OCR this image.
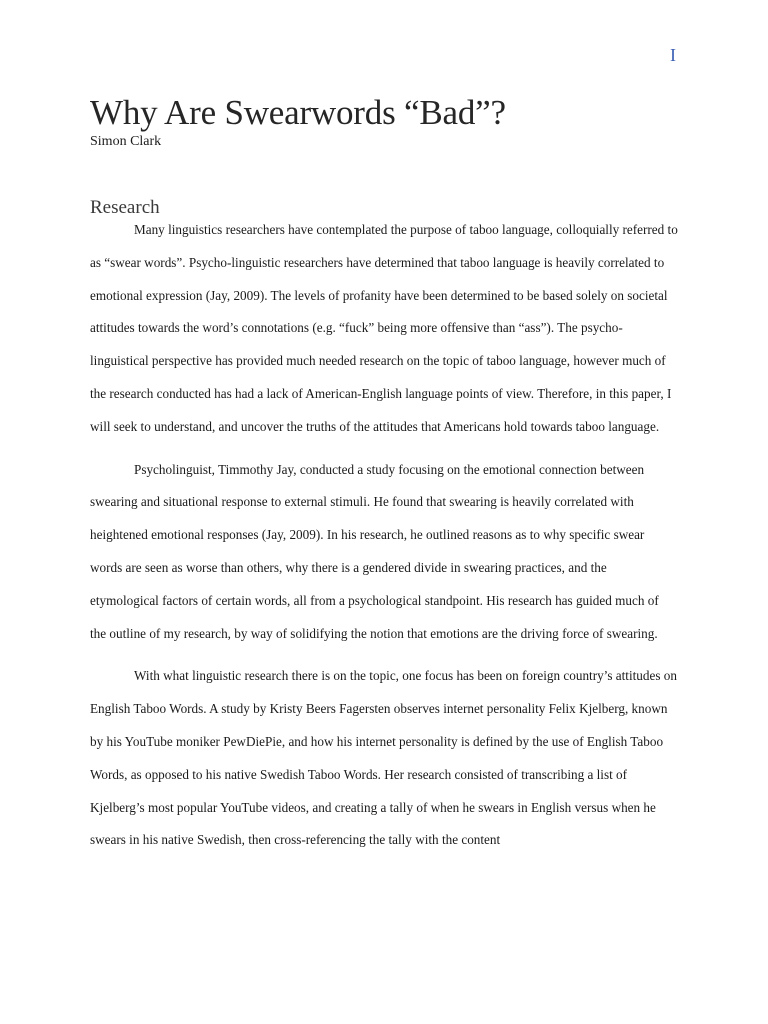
I
Why Are Swearwords “Bad”?
Simon Clark
Research

Many linguistics researchers have contemplated the purpose of taboo language, colloquially referred to as “swear words”. Psycho-linguistic researchers have determined that taboo language is heavily correlated to emotional expression (Jay, 2009). The levels of profanity have been determined to be based solely on societal attitudes towards the word’s connotations (e.g. “fuck” being more offensive than “ass”). The psycho-linguistical perspective has provided much needed research on the topic of taboo language, however much of the research conducted has had a lack of American-English language points of view. Therefore, in this paper, I will seek to understand, and uncover the truths of the attitudes that Americans hold towards taboo language.

Psycholinguist, Timmothy Jay, conducted a study focusing on the emotional connection between swearing and situational response to external stimuli. He found that swearing is heavily correlated with heightened emotional responses (Jay, 2009). In his research, he outlined reasons as to why specific swear words are seen as worse than others, why there is a gendered divide in swearing practices, and the etymological factors of certain words, all from a psychological standpoint. His research has guided much of the outline of my research, by way of solidifying the notion that emotions are the driving force of swearing.

With what linguistic research there is on the topic, one focus has been on foreign country’s attitudes on English Taboo Words. A study by Kristy Beers Fagersten observes internet personality Felix Kjelberg, known by his YouTube moniker PewDiePie, and how his internet personality is defined by the use of English Taboo Words, as opposed to his native Swedish Taboo Words. Her research consisted of transcribing a list of Kjelberg’s most popular YouTube videos, and creating a tally of when he swears in English versus when he swears in his native Swedish, then cross-referencing the tally with the content
